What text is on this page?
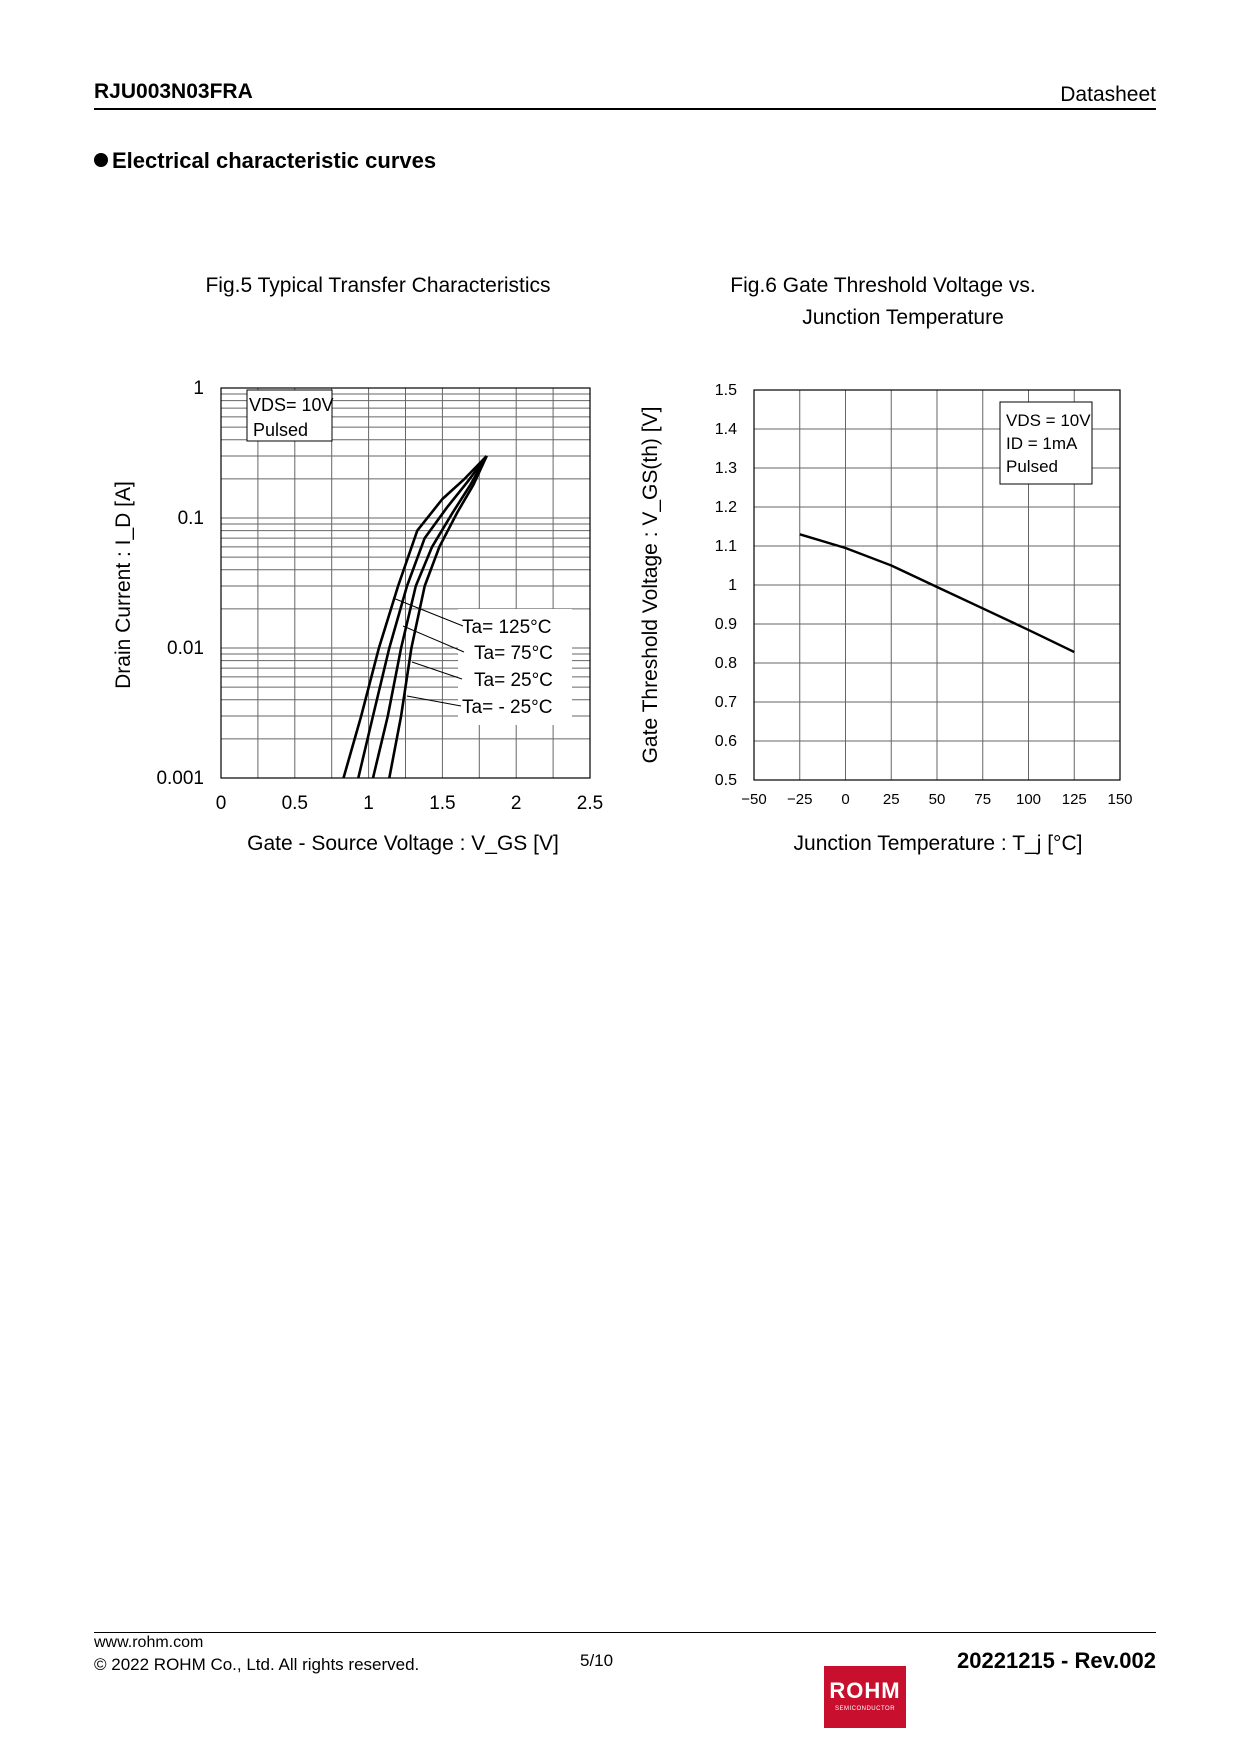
RJU003N03FRA	Datasheet
Electrical characteristic curves
Fig.5 Typical Transfer Characteristics
0	0.5	1	1.5	2	2.5
0.001
0.01
0.1
1
VDS= 10V
Pulsed
Ta= 125°C
Ta= 75°C
Ta= 25°C
Ta= - 25°C
Gate - Source Voltage : V_GS [V]
Drain Current : I_D [A]
Fig.6 Gate Threshold Voltage vs.
Junction Temperature
−50 −25 0 25 50 75 100 125 150
0.5
0.6
0.7
0.8
0.9
1
1.1
1.2
1.3
1.4
1.5
VDS = 10V
ID = 1mA
Pulsed
Junction Temperature : T_j [°C]
Gate Threshold Voltage : V_GS(th) [V]
www.rohm.com
© 2022 ROHM Co., Ltd. All rights reserved.	5/10	20221215 - Rev.002
ROHM
SEMICONDUCTOR
